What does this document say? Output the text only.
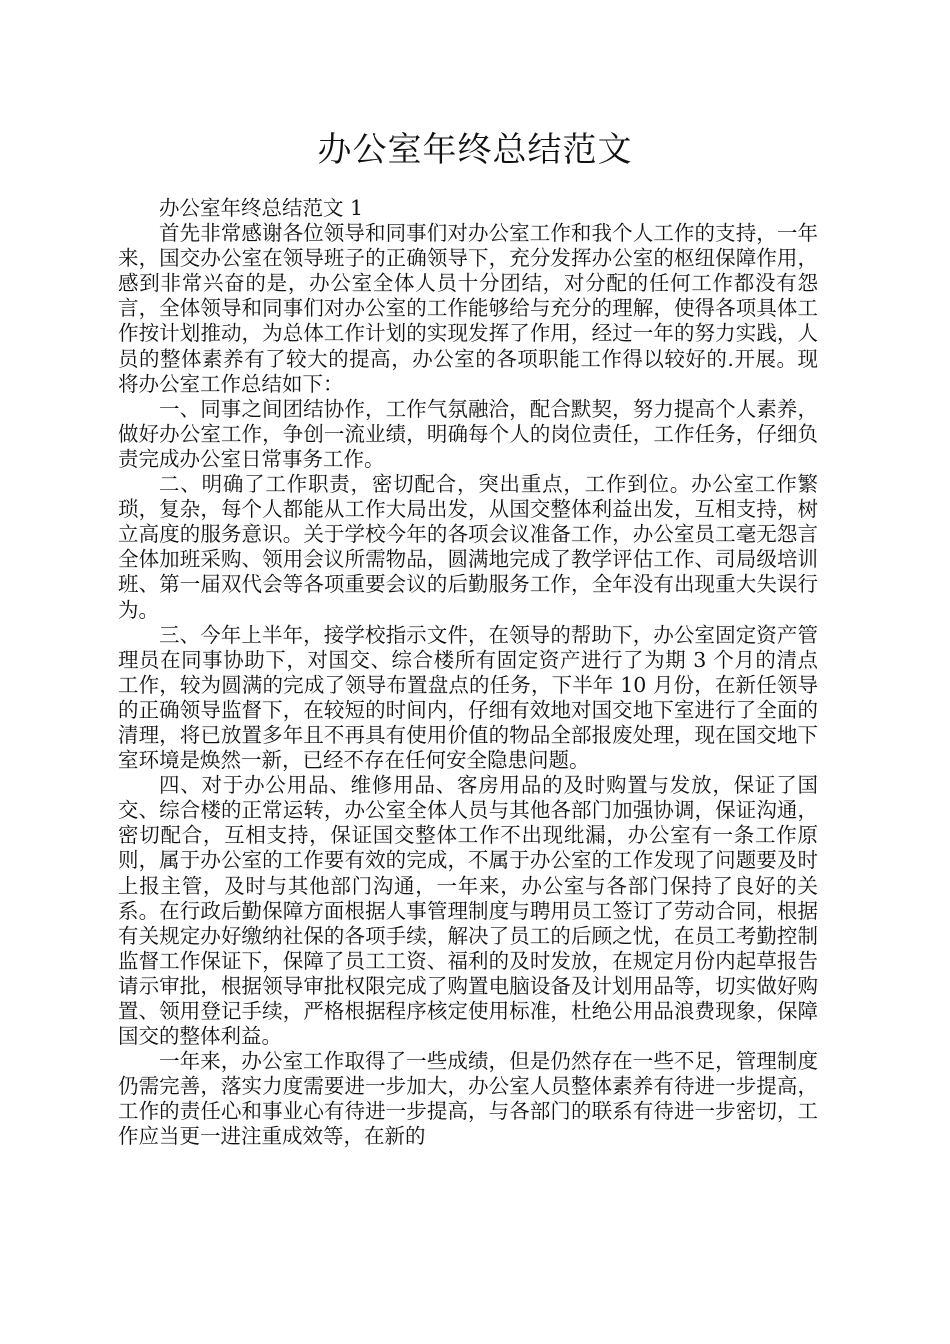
办公室年终总结范文

办公室年终总结范文 1

首先非常感谢各位领导和同事们对办公室工作和我个人工作的支持，一年来，国交办公室在领导班子的正确领导下，充分发挥办公室的枢纽保障作用，感到非常兴奋的是，办公室全体人员十分团结，对分配的任何工作都没有怨言，全体领导和同事们对办公室的工作能够给与充分的理解，使得各项具体工作按计划推动，为总体工作计划的实现发挥了作用，经过一年的努力实践，人员的整体素养有了较大的提高，办公室的各项职能工作得以较好的.开展。现将办公室工作总结如下：

一、同事之间团结协作，工作气氛融洽，配合默契，努力提高个人素养，做好办公室工作，争创一流业绩，明确每个人的岗位责任，工作任务，仔细负责完成办公室日常事务工作。

二、明确了工作职责，密切配合，突出重点，工作到位。办公室工作繁琐，复杂，每个人都能从工作大局出发，从国交整体利益出发，互相支持，树立高度的服务意识。关于学校今年的各项会议准备工作，办公室员工毫无怨言全体加班采购、领用会议所需物品，圆满地完成了教学评估工作、司局级培训班、第一届双代会等各项重要会议的后勤服务工作，全年没有出现重大失误行为。

三、今年上半年，接学校指示文件，在领导的帮助下，办公室固定资产管理员在同事协助下，对国交、综合楼所有固定资产进行了为期 3 个月的清点工作，较为圆满的完成了领导布置盘点的任务，下半年 10 月份，在新任领导的正确领导监督下，在较短的时间内，仔细有效地对国交地下室进行了全面的清理，将已放置多年且不再具有使用价值的物品全部报废处理，现在国交地下室环境是焕然一新，已经不存在任何安全隐患问题。

四、对于办公用品、维修用品、客房用品的及时购置与发放，保证了国交、综合楼的正常运转，办公室全体人员与其他各部门加强协调，保证沟通，密切配合，互相支持，保证国交整体工作不出现纰漏，办公室有一条工作原则，属于办公室的工作要有效的完成，不属于办公室的工作发现了问题要及时上报主管，及时与其他部门沟通，一年来，办公室与各部门保持了良好的关系。在行政后勤保障方面根据人事管理制度与聘用员工签订了劳动合同，根据有关规定办好缴纳社保的各项手续，解决了员工的后顾之忧，在员工考勤控制监督工作保证下，保障了员工工资、福利的及时发放，在规定月份内起草报告请示审批，根据领导审批权限完成了购置电脑设备及计划用品等，切实做好购置、领用登记手续，严格根据程序核定使用标准，杜绝公用品浪费现象，保障国交的整体利益。

一年来，办公室工作取得了一些成绩，但是仍然存在一些不足，管理制度仍需完善，落实力度需要进一步加大，办公室人员整体素养有待进一步提高，工作的责任心和事业心有待进一步提高，与各部门的联系有待进一步密切，工作应当更一进注重成效等，在新的
